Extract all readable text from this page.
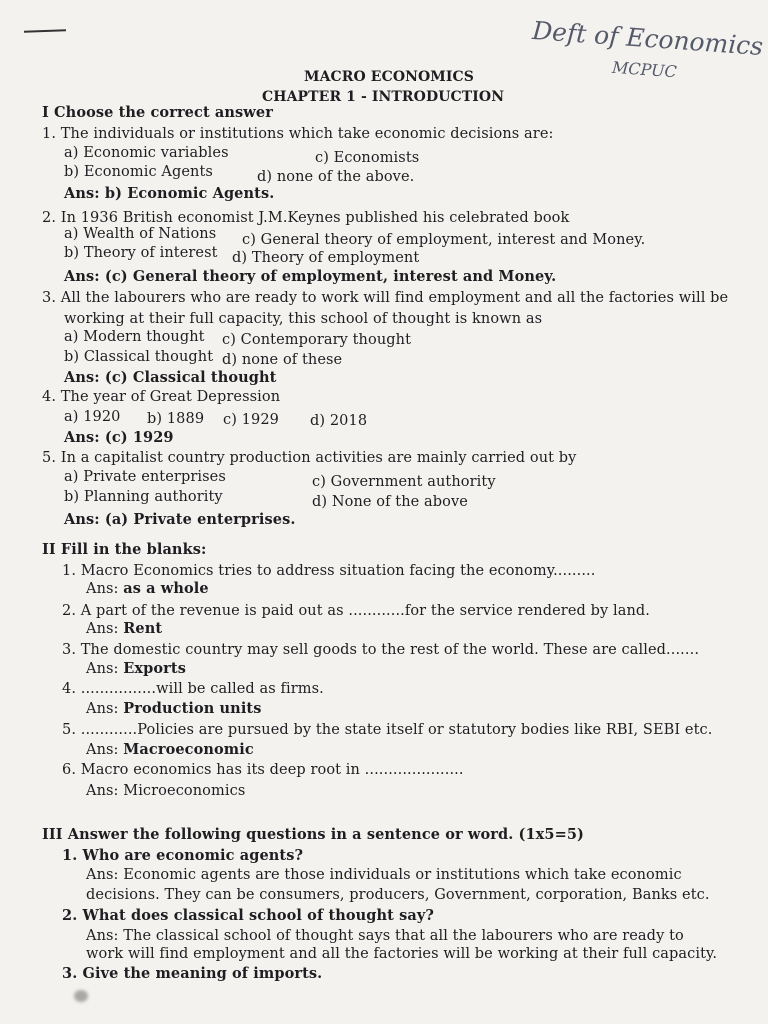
Deft of Economics
MCPUC
MACRO ECONOMICS
CHAPTER 1 - INTRODUCTION
I Choose the correct answer
1. The individuals or institutions which take economic decisions are:
a) Economic variables	c) Economists
b) Economic Agents	d) none of the above.
Ans: b) Economic Agents.
2. In 1936 British economist J.M.Keynes published his celebrated book
a) Wealth of Nations c) General theory of employment, interest and Money.
b) Theory of interest d) Theory of employment
Ans: (c) General theory of employment, interest and Money.
3. All the labourers who are ready to work will find employment and all the factories will be
working at their full capacity, this school of thought is known as
a) Modern thought c) Contemporary thought
b) Classical thought d) none of these
Ans: (c) Classical thought
4. The year of Great Depression
a) 1920 b) 1889 c) 1929 d) 2018
Ans: (c) 1929
5. In a capitalist country production activities are mainly carried out by
a) Private enterprises	c) Government authority
b) Planning authority	d) None of the above
Ans: (a) Private enterprises.
II Fill in the blanks:
1. Macro Economics tries to address situation facing the economy.........
Ans: as a whole
2. A part of the revenue is paid out as ............for the service rendered by land.
Ans: Rent
3. The domestic country may sell goods to the rest of the world. These are called.......
Ans: Exports
4. ................will be called as firms.
Ans: Production units
5. ............Policies are pursued by the state itself or statutory bodies like RBI, SEBI etc.
Ans: Macroeconomic
6. Macro economics has its deep root in .....................
Ans: Microeconomics
III Answer the following questions in a sentence or word. (1x5=5)
1. Who are economic agents?
Ans: Economic agents are those individuals or institutions which take economic
decisions. They can be consumers, producers, Government, corporation, Banks etc.
2. What does classical school of thought say?
Ans: The classical school of thought says that all the labourers who are ready to
work will find employment and all the factories will be working at their full capacity.
3. Give the meaning of imports.
